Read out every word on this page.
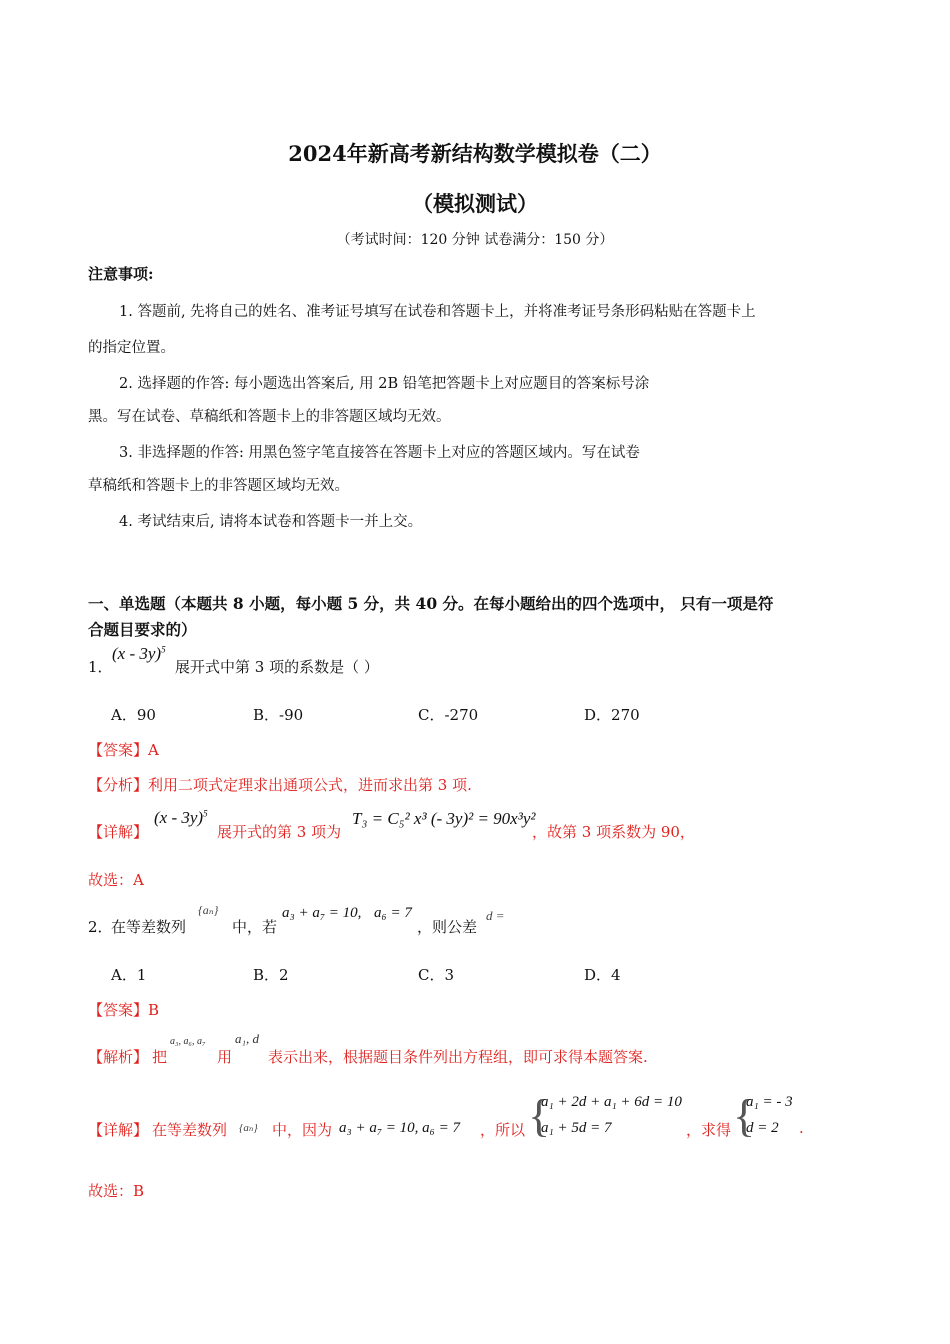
2024年新高考新结构数学模拟卷（二）
（模拟测试）
（考试时间：120 分钟 试卷满分：150 分）
注意事项:
1. 答题前, 先将自己的姓名、准考证号填写在试卷和答题卡上，并将准考证号条形码粘贴在答题卡上
的指定位置。
2. 选择题的作答: 每小题选出答案后, 用 2B 铅笔把答题卡上对应题目的答案标号涂
黑。写在试卷、草稿纸和答题卡上的非答题区域均无效。
3. 非选择题的作答: 用黑色签字笔直接答在答题卡上对应的答题区域内。写在试卷
草稿纸和答题卡上的非答题区域均无效。
4. 考试结束后, 请将本试卷和答题卡一并上交。
一、单选题（本题共 8 小题，每小题 5 分，共 40 分。在每小题给出的四个选项中， 只有一项是符
合题目要求的）
1．
(x - 3y)$^5$
展开式中第 3 项的系数是（ ）
A．90	B．-90	C．-270	D．270
【答案】A
【分析】利用二项式定理求出通项公式，进而求出第 3 项.
【详解】
(x - 3y)$^5$
展开式的第 3 项为
T₃ = C₅² x³ (- 3y)² = 90x³y²
，故第 3 项系数为 90，
故选：A
2．
在等差数列
{aₙ}
中，若
a₃ + a₇ = 10, a₆ = 7
，则公差
d =
A．1	B．2	C．3	D．4
【答案】B
【解析】 把
a₃, a₆, a₇
用
a₁, d
表示出来，根据题目条件列出方程组，即可求得本题答案.
【详解】 在等差数列 {aₙ} 中，因为 a₃ + a₇ = 10, a₆ = 7 ，所以 {
a₁ + 2d + a₁ + 6d = 10
a₁ + 5d = 7	，求得 {
a₁ = - 3
d = 2 .
故选：B
